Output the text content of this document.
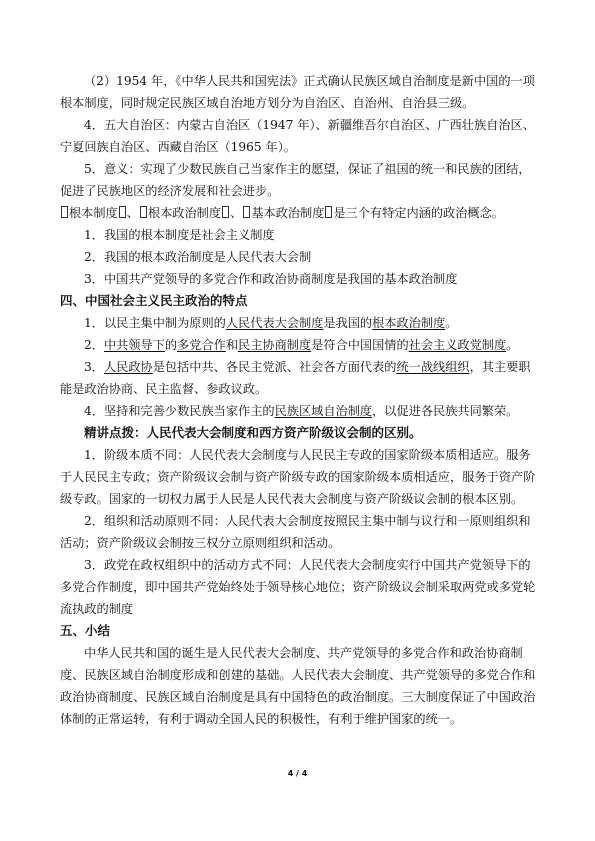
（2）1954 年，《中华人民共和国宪法》正式确认民族区域自治制度是新中国的一项根本制度，同时规定民族区域自治地方划分为自治区、自治州、自治县三级。

4．五大自治区：内蒙古自治区（1947 年）、新疆维吾尔自治区、广西壮族自治区、宁夏回族自治区、西藏自治区（1965 年）。

5．意义：实现了少数民族自己当家作主的愿望，保证了祖国的统一和民族的团结，促进了民族地区的经济发展和社会进步。

根本制度 、 根本政治制度 、 基本政治制度 是三个有特定内涵的政治概念。

1．我国的根本制度是社会主义制度

2．我国的根本政治制度是人民代表大会制

3．中国共产党领导的多党合作和政治协商制度是我国的基本政治制度

四、中国社会主义民主政治的特点

1．以民主集中制为原则的人民代表大会制度是我国的根本政治制度。

2．中共领导下的多党合作和民主协商制度是符合中国国情的社会主义政党制度。

3．人民政协是包括中共、各民主党派、社会各方面代表的统一战线组织，其主要职能是政治协商、民主监督、参政议政。

4．坚持和完善少数民族当家作主的民族区域自治制度，以促进各民族共同繁荣。

精讲点拨：人民代表大会制度和西方资产阶级议会制的区别。

1．阶级本质不同：人民代表大会制度与人民民主专政的国家阶级本质相适应。服务于人民民主专政；资产阶级议会制与资产阶级专政的国家阶级本质相适应，服务于资产阶级专政。国家的一切权力属于人民是人民代表大会制度与资产阶级议会制的根本区别。

2．组织和活动原则不同：人民代表大会制度按照民主集中制与议行和一原则组织和活动；资产阶级议会制按三权分立原则组织和活动。

3．政党在政权组织中的活动方式不同：人民代表大会制度实行中国共产党领导下的多党合作制度，即中国共产党始终处于领导核心地位；资产阶级议会制采取两党或多党轮流执政的制度

五、小结

中华人民共和国的诞生是人民代表大会制度、共产党领导的多党合作和政治协商制度、民族区域自治制度形成和创建的基础。人民代表大会制度、共产党领导的多党合作和政治协商制度、民族区域自治制度是具有中国特色的政治制度。三大制度保证了中国政治体制的正常运转，有利于调动全国人民的积极性，有利于维护国家的统一。

4 / 4
